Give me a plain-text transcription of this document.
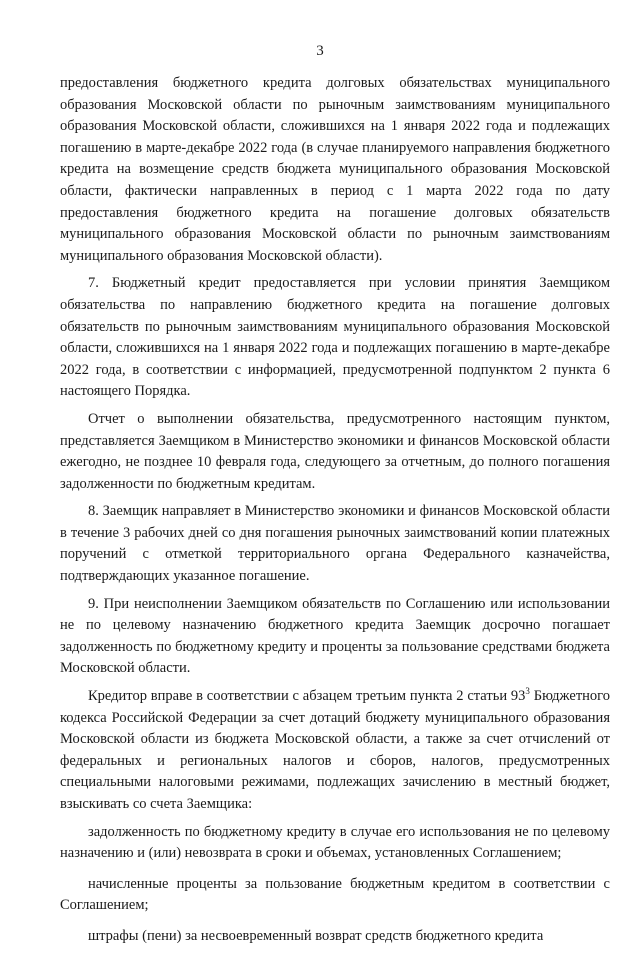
3

предоставления бюджетного кредита долговых обязательствах муниципального образования Московской области по рыночным заимствованиям муниципального образования Московской области, сложившихся на 1 января 2022 года и подлежащих погашению в марте-декабре 2022 года (в случае планируемого направления бюджетного кредита на возмещение средств бюджета муниципального образования Московской области, фактически направленных в период с 1 марта 2022 года по дату предоставления бюджетного кредита на погашение долговых обязательств муниципального образования Московской области по рыночным заимствованиям муниципального образования Московской области).

7. Бюджетный кредит предоставляется при условии принятия Заемщиком обязательства по направлению бюджетного кредита на погашение долговых обязательств по рыночным заимствованиям муниципального образования Московской области, сложившихся на 1 января 2022 года и подлежащих погашению в марте-декабре 2022 года, в соответствии с информацией, предусмотренной подпунктом 2 пункта 6 настоящего Порядка.

Отчет о выполнении обязательства, предусмотренного настоящим пунктом, представляется Заемщиком в Министерство экономики и финансов Московской области ежегодно, не позднее 10 февраля года, следующего за отчетным, до полного погашения задолженности по бюджетным кредитам.

8. Заемщик направляет в Министерство экономики и финансов Московской области в течение 3 рабочих дней со дня погашения рыночных заимствований копии платежных поручений с отметкой территориального органа Федерального казначейства, подтверждающих указанное погашение.

9. При неисполнении Заемщиком обязательств по Соглашению или использовании не по целевому назначению бюджетного кредита Заемщик досрочно погашает задолженность по бюджетному кредиту и проценты за пользование средствами бюджета Московской области.

Кредитор вправе в соответствии с абзацем третьим пункта 2 статьи $93^3$ Бюджетного кодекса Российской Федерации за счет дотаций бюджету муниципального образования Московской области из бюджета Московской области, а также за счет отчислений от федеральных и региональных налогов и сборов, налогов, предусмотренных специальными налоговыми режимами, подлежащих зачислению в местный бюджет, взыскивать со счета Заемщика:

задолженность по бюджетному кредиту в случае его использования не по целевому назначению и (или) невозврата в сроки и объемах, установленных Соглашением;

начисленные проценты за пользование бюджетным кредитом в соответствии с Соглашением;

штрафы (пени) за несвоевременный возврат средств бюджетного кредита
